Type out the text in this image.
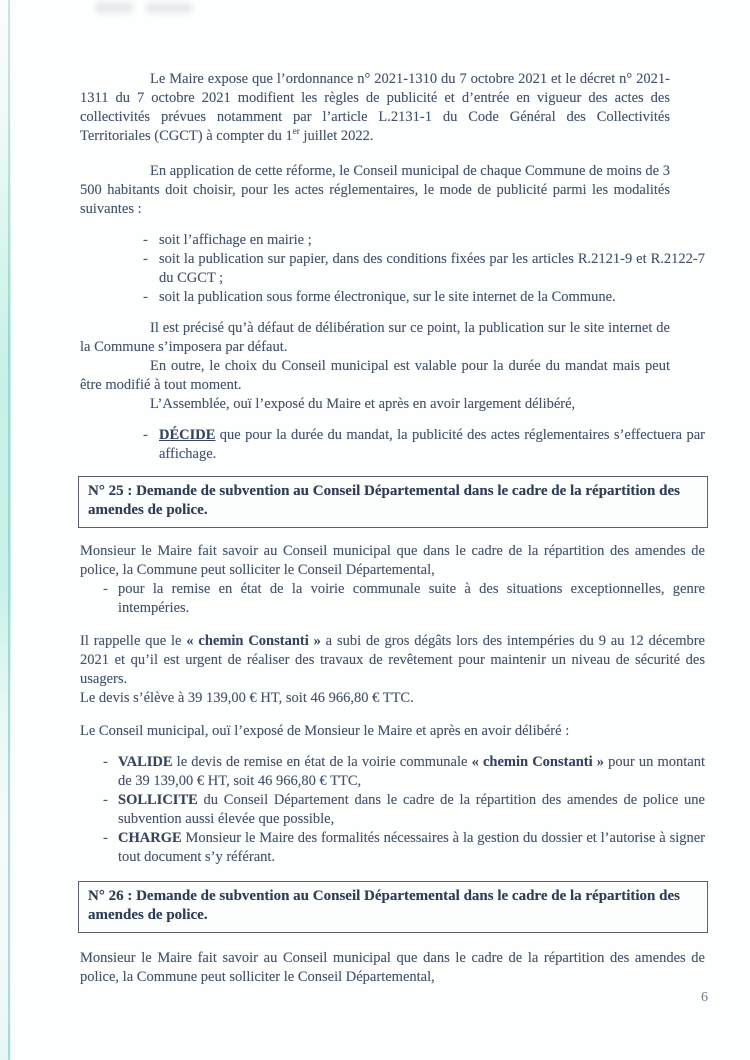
Le Maire expose que l’ordonnance n° 2021-1310 du 7 octobre 2021 et le décret n° 2021-1311 du 7 octobre 2021 modifient les règles de publicité et d’entrée en vigueur des actes des collectivités prévues notamment par l’article L.2131-1 du Code Général des Collectivités Territoriales (CGCT) à compter du 1er juillet 2022.

En application de cette réforme, le Conseil municipal de chaque Commune de moins de 3 500 habitants doit choisir, pour les actes réglementaires, le mode de publicité parmi les modalités suivantes :

- soit l’affichage en mairie ;

- soit la publication sur papier, dans des conditions fixées par les articles R.2121-9 et R.2122-7 du CGCT ;

- soit la publication sous forme électronique, sur le site internet de la Commune.

Il est précisé qu’à défaut de délibération sur ce point, la publication sur le site internet de la Commune s’imposera par défaut.

En outre, le choix du Conseil municipal est valable pour la durée du mandat mais peut être modifié à tout moment.

L’Assemblée, ouï l’exposé du Maire et après en avoir largement délibéré,

- DÉCIDE que pour la durée du mandat, la publicité des actes réglementaires s’effectuera par affichage.

N° 25 : Demande de subvention au Conseil Départemental dans le cadre de la répartition des amendes de police.

Monsieur le Maire fait savoir au Conseil municipal que dans le cadre de la répartition des amendes de police, la Commune peut solliciter le Conseil Départemental,

- pour la remise en état de la voirie communale suite à des situations exceptionnelles, genre intempéries.

Il rappelle que le « chemin Constanti » a subi de gros dégâts lors des intempéries du 9 au 12 décembre 2021 et qu’il est urgent de réaliser des travaux de revêtement pour maintenir un niveau de sécurité des usagers.

Le devis s’élève à 39 139,00 € HT, soit 46 966,80 € TTC.

Le Conseil municipal, ouï l’exposé de Monsieur le Maire et après en avoir délibéré :

- VALIDE le devis de remise en état de la voirie communale « chemin Constanti » pour un montant de 39 139,00 € HT, soit 46 966,80 € TTC,

- SOLLICITE du Conseil Département dans le cadre de la répartition des amendes de police une subvention aussi élevée que possible,

- CHARGE Monsieur le Maire des formalités nécessaires à la gestion du dossier et l’autorise à signer tout document s’y référant.

N° 26 : Demande de subvention au Conseil Départemental dans le cadre de la répartition des amendes de police.

Monsieur le Maire fait savoir au Conseil municipal que dans le cadre de la répartition des amendes de police, la Commune peut solliciter le Conseil Départemental,

6
